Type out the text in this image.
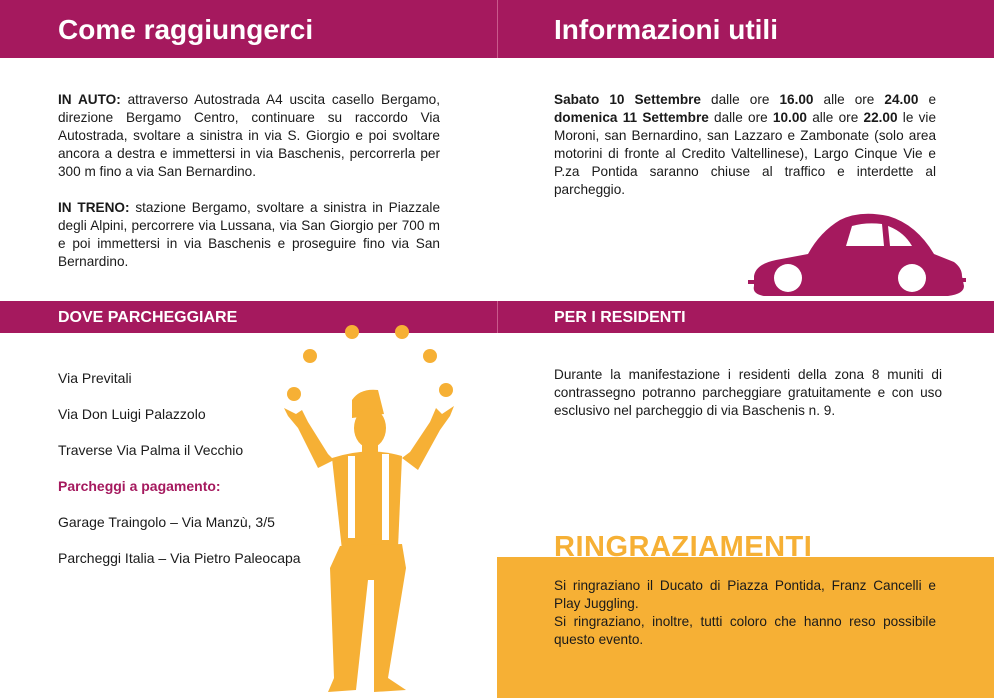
Come raggiungerci	Informazioni utili

IN AUTO: attraverso Autostrada A4 uscita casello Bergamo, direzione Bergamo Centro, continuare su raccordo Via Autostrada, svoltare a sinistra in via S. Giorgio e poi svoltare ancora a destra e immettersi in via Baschenis, percorrerla per 300 m fino a via San Bernardino.

IN TRENO: stazione Bergamo, svoltare a sinistra in Piazzale degli Alpini, percorrere via Lussana, via San Giorgio per 700 m e poi immettersi in via Baschenis e proseguire fino via San Bernardino.

Sabato 10 Settembre dalle ore 16.00 alle ore 24.00 e domenica 11 Settembre dalle ore 10.00 alle ore 22.00 le vie Moroni, san Bernardino, san Lazzaro e Zambonate (solo area motorini di fronte al Credito Valtellinese), Largo Cinque Vie e P.za Pontida saranno chiuse al traffico e interdette al parcheggio.

DOVE PARCHEGGIARE	PER I RESIDENTI
Via Previtali
Via Don Luigi Palazzolo
Traverse Via Palma il Vecchio
Parcheggi a pagamento:
Garage Traingolo – Via Manzù, 3/5
Parcheggi Italia – Via Pietro Paleocapa

Durante la manifestazione i residenti della zona 8 muniti di contrassegno potranno parcheggiare gratuitamente e con uso esclusivo nel parcheggio di via Baschenis n. 9.

RINGRAZIAMENTI

Si ringraziano il Ducato di Piazza Pontida, Franz Cancelli e Play Juggling.

Si ringraziano, inoltre, tutti coloro che hanno reso possibile questo evento.
